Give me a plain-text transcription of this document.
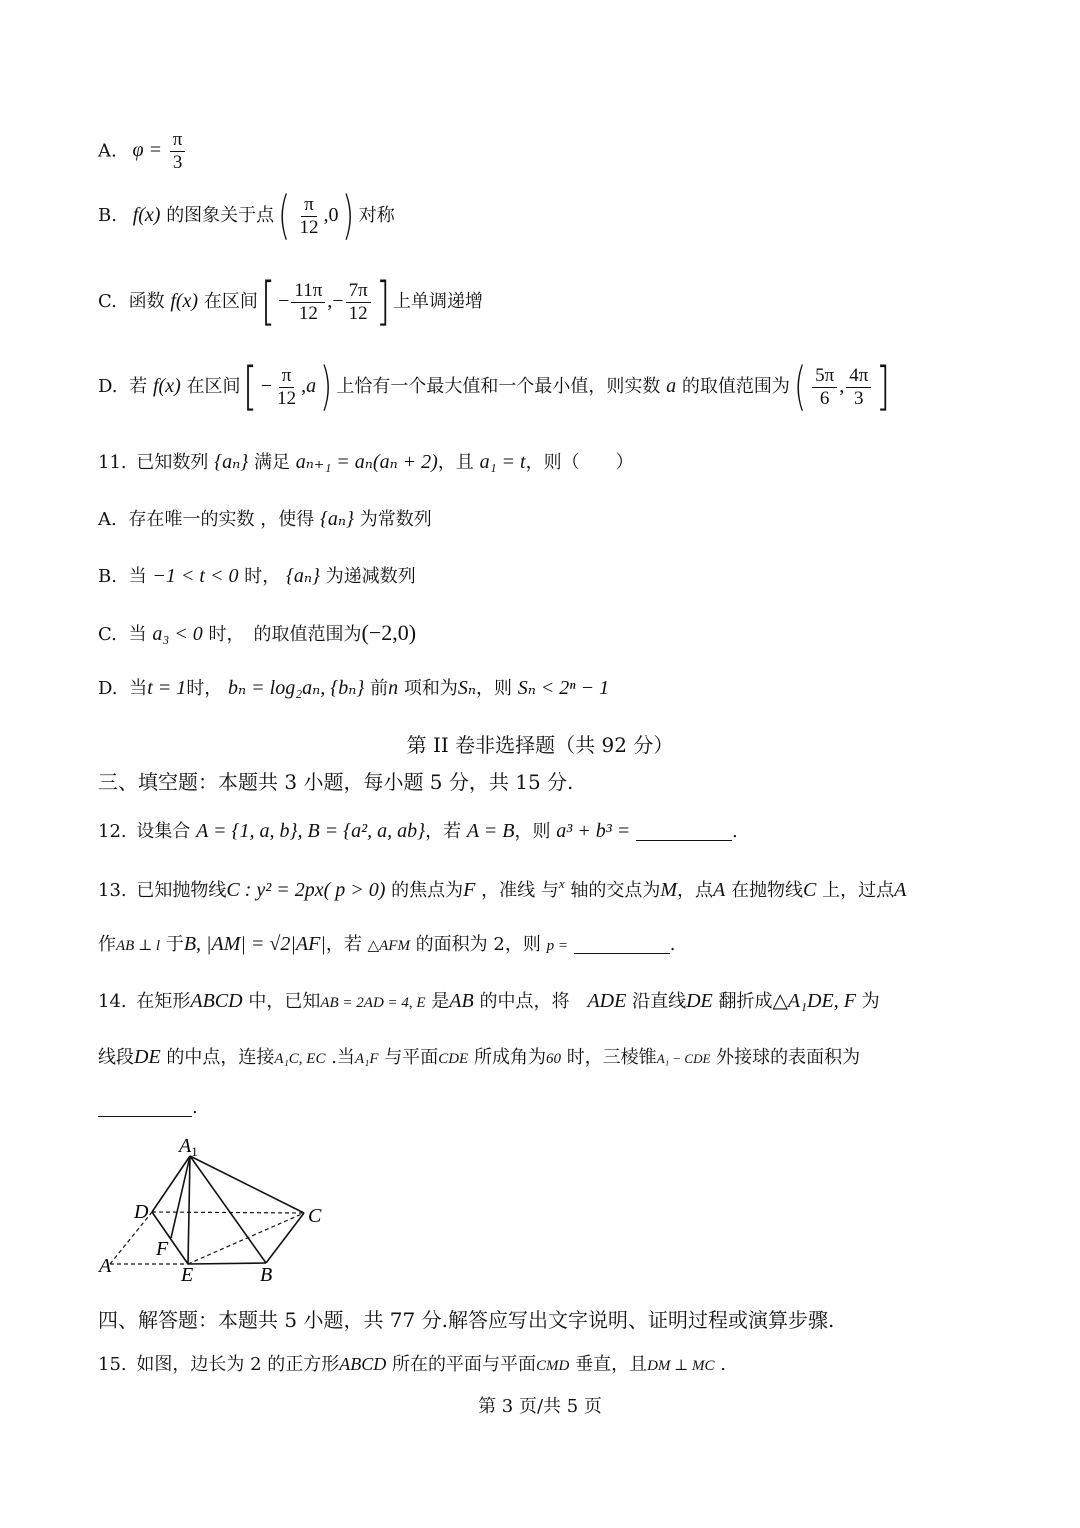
A. $\varphi = \frac{\pi}{3}$
B. f(x) 的图象关于点( $\frac{\pi}{12} ,0$) 对称
C. 函数 f(x) 在区间[ − $\frac{11\pi}{12}$ ,− $\frac{7\pi}{12}$ ] 上单调递增
D. 若 f(x) 在区间[ − $\frac{\pi}{12} ,a$) 上恰有一个最大值和一个最小值，则实数 a 的取值范围为( $\frac{5\pi}{6}$ , $\frac{4\pi}{3}$ ]
11. 已知数列 {aₙ} 满足 aₙ₊₁ = aₙ(aₙ + 2)，且 a₁ = t，则（　　）
A. 存在唯一的实数 ，使得 {aₙ} 为常数列
B. 当 −1 < t < 0 时， {aₙ} 为递减数列
C. 当 a₃ < 0 时，　的取值范围为(−2,0)
D. 当t = 1时， bₙ = log₂aₙ, {bₙ} 前n 项和为Sₙ，则 Sₙ < 2ⁿ − 1
第 II 卷非选择题（共 92 分）
三、填空题：本题共 3 小题，每小题 5 分，共 15 分.
12. 设集合 A = {1, a, b}, B = {a², a, ab}，若 A = B，则 a³ + b³ =	.
13. 已知抛物线C : y² = 2px( p > 0) 的焦点为F ，准线 与$^x$ 轴的交点为M，点A 在抛物线C 上，过点A
作AB ⊥ l 于B, |AM| = √2|AF|，若 △AFM 的面积为 2，则 p =	.
14. 在矩形ABCD 中，已知AB = 2AD = 4, E 是AB 的中点，将　ADE 沿直线DE 翻折成△A₁DE, F 为
线段DE 的中点，连接A₁C, EC .当A₁F 与平面CDE 所成角为60 时，三棱锥A₁ − CDE 外接球的表面积为
.
$A_1$
D	C
F
A	E	B
四、解答题：本题共 5 小题，共 77 分.解答应写出文字说明、证明过程或演算步骤.
15. 如图，边长为 2 的正方形ABCD 所在的平面与平面CMD 垂直，且DM ⊥ MC .
第 3 页/共 5 页
